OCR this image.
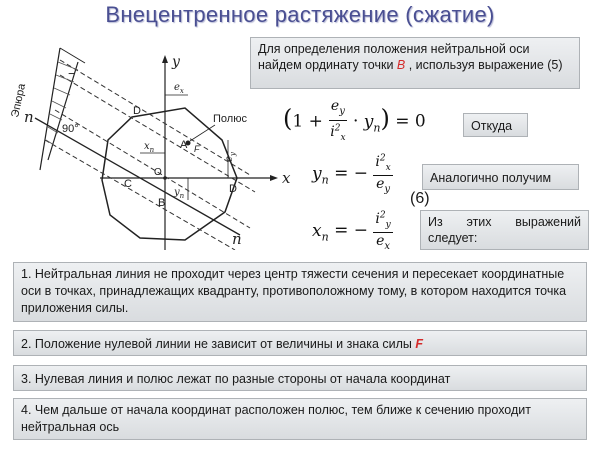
Внецентренное растяжение (сжатие)
Эпюра
−
90°
n
n
Полюс
y
x
$e_x$
$e_y$
$x_n$
$y_n$
D
A
C
O
B
D
F
Для определения положения нейтральной оси найдем ординату точки B , используя выражение (5)
$(1 + \frac{e_y}{i^2_x} \cdot y_n) = 0$	Откуда
$y_n$ = − $\frac{i^2_x}{e_y}$	Аналогично получим
(6)
$x_n$ = − $\frac{i^2_y}{e_x}$	Из этих выражений следует:
1. Нейтральная линия не проходит через центр тяжести сечения и пересекает координатные оси в точках, принадлежащих квадранту, противоположному тому, в котором находится точка приложения силы.
2. Положение нулевой линии не зависит от величины и знака силы F
3. Нулевая линия и полюс лежат по разные стороны от начала координат
4. Чем дальше от начала координат расположен полюс, тем ближе к сечению проходит нейтральная ось
